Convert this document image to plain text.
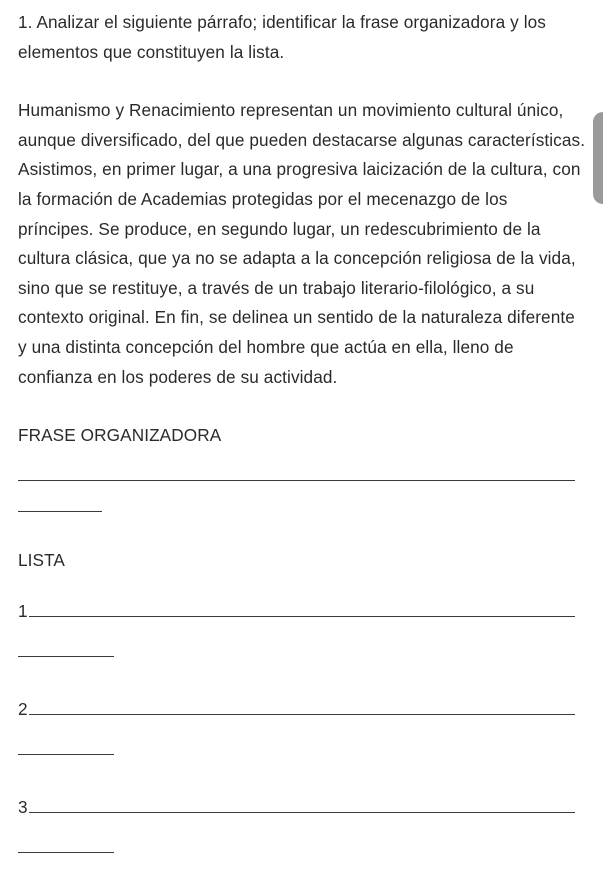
1. Analizar el siguiente párrafo; identificar la frase organizadora y los elementos que constituyen la lista.

Humanismo y Renacimiento representan un movimiento cultural único, aunque diversificado, del que pueden destacarse algunas características. Asistimos, en primer lugar, a una progresiva laicización de la cultura, con la formación de Academias protegidas por el mecenazgo de los príncipes. Se produce, en segundo lugar, un redescubrimiento de la cultura clásica, que ya no se adapta a la concepción religiosa de la vida, sino que se restituye, a través de un trabajo literario-filológico, a su contexto original. En fin, se delinea un sentido de la naturaleza diferente y una distinta concepción del hombre que actúa en ella, lleno de confianza en los poderes de su actividad.

FRASE ORGANIZADORA
LISTA
1
2
3
